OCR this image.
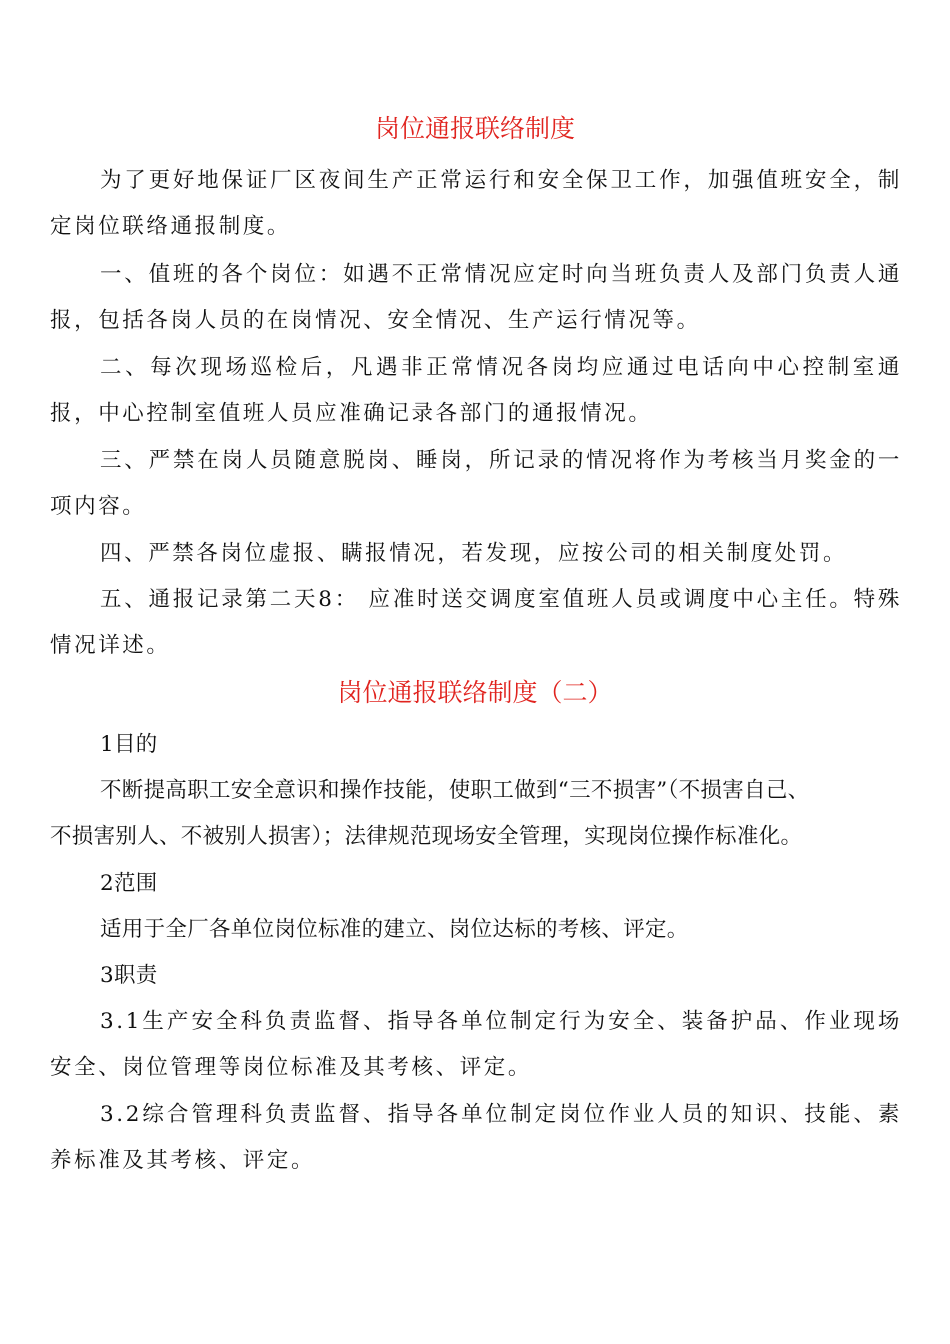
岗位通报联络制度

为了更好地保证厂区夜间生产正常运行和安全保卫工作，加强值班安全，制定岗位联络通报制度。

一、值班的各个岗位：如遇不正常情况应定时向当班负责人及部门负责人通报，包括各岗人员的在岗情况、安全情况、生产运行情况等。

二、每次现场巡检后，凡遇非正常情况各岗均应通过电话向中心控制室通报，中心控制室值班人员应准确记录各部门的通报情况。

三、严禁在岗人员随意脱岗、睡岗，所记录的情况将作为考核当月奖金的一项内容。

四、严禁各岗位虚报、瞒报情况，若发现，应按公司的相关制度处罚。

五、通报记录第二天8： 应准时送交调度室值班人员或调度中心主任。特殊情况详述。

岗位通报联络制度（二）

1目的

不断提高职工安全意识和操作技能，使职工做到“三不损害”（不损害自己、
不损害别人、不被别人损害）；法律规范现场安全管理，实现岗位操作标准化。

2范围

适用于全厂各单位岗位标准的建立、岗位达标的考核、评定。

3职责

3.1生产安全科负责监督、指导各单位制定行为安全、装备护品、作业现场安全、岗位管理等岗位标准及其考核、评定。

3.2综合管理科负责监督、指导各单位制定岗位作业人员的知识、技能、素养标准及其考核、评定。
